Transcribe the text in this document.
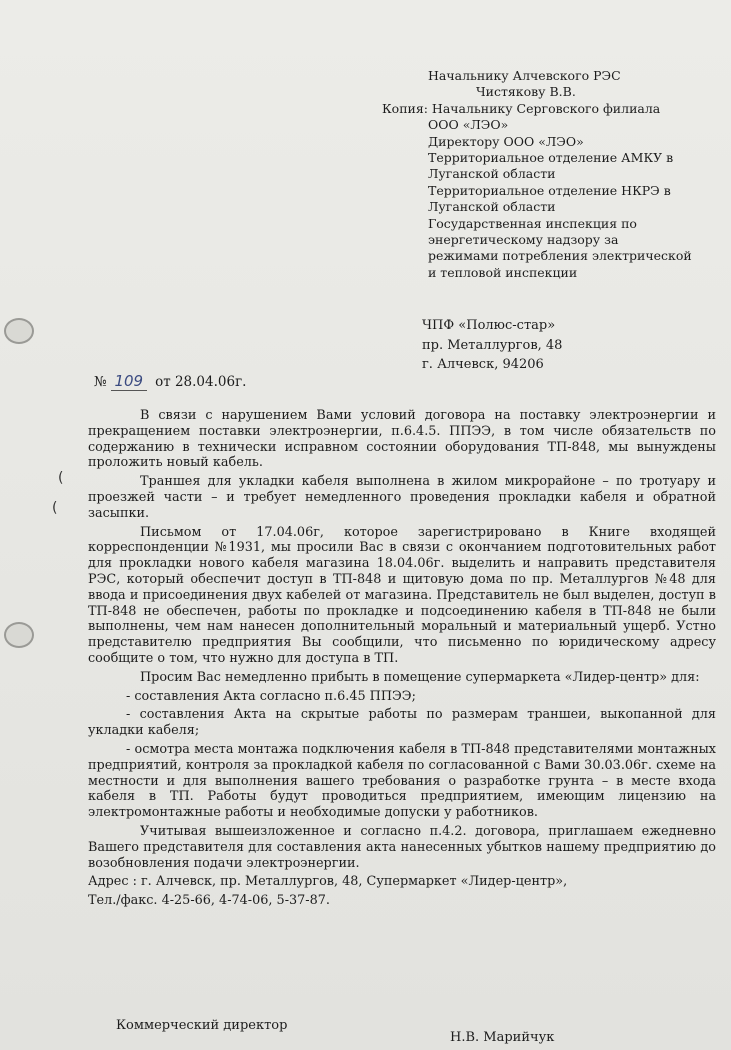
(
(
Начальнику Алчевского РЭС
Чистякову В.В.
Копия: Начальнику Серговского филиала
ООО «ЛЭО»
Директору ООО «ЛЭО»
Территориальное отделение АМКУ в
Луганской области
Территориальное отделение НКРЭ в
Луганской области
Государственная инспекция по
энергетическому надзору за
режимами потребления электрической
и тепловой инспекции
ЧПФ «Полюс-стар»
пр. Металлургов, 48
г. Алчевск, 94206
№ 109 от 28.04.06г.

В связи с нарушением Вами условий договора на поставку электроэнергии и прекращением поставки электроэнергии, п.6.4.5. ППЭЭ, в том числе обязательств по содержанию в технически исправном состоянии оборудования ТП-848, мы вынуждены проложить новый кабель.

Траншея для укладки кабеля выполнена в жилом микрорайоне – по тротуару и проезжей части – и требует немедленного проведения прокладки кабеля и обратной засыпки.

Письмом от 17.04.06г, которое зарегистрировано в Книге входящей корреспонденции №1931, мы просили Вас в связи с окончанием подготовительных работ для прокладки нового кабеля магазина 18.04.06г. выделить и направить представителя РЭС, который обеспечит доступ в ТП-848 и щитовую дома по пр. Металлургов №48 для ввода и присоединения двух кабелей от магазина. Представитель не был выделен, доступ в ТП-848 не обеспечен, работы по прокладке и подсоединению кабеля в ТП-848 не были выполнены, чем нам нанесен дополнительный моральный и материальный ущерб. Устно представителю предприятия Вы сообщили, что письменно по юридическому адресу сообщите о том, что нужно для доступа в ТП.

Просим Вас немедленно прибыть в помещение супермаркета «Лидер-центр» для:

- составления Акта согласно п.6.45 ППЭЭ;

- составления Акта на скрытые работы по размерам траншеи, выкопанной для укладки кабеля;

- осмотра места монтажа подключения кабеля в ТП-848 представителями монтажных предприятий, контроля за прокладкой кабеля по согласованной с Вами 30.03.06г. схеме на местности и для выполнения вашего требования о разработке грунта – в месте входа кабеля в ТП. Работы будут проводиться предприятием, имеющим лицензию на электромонтажные работы и необходимые допуски у работников.

Учитывая вышеизложенное и согласно п.4.2. договора, приглашаем ежедневно Вашего представителя для составления акта нанесенных убытков нашему предприятию до возобновления подачи электроэнергии.

Адрес : г. Алчевск, пр. Металлургов, 48, Супермаркет «Лидер-центр»,

Тел./факс. 4-25-66, 4-74-06, 5-37-87.

Коммерческий директор
Н.В. Марийчук
